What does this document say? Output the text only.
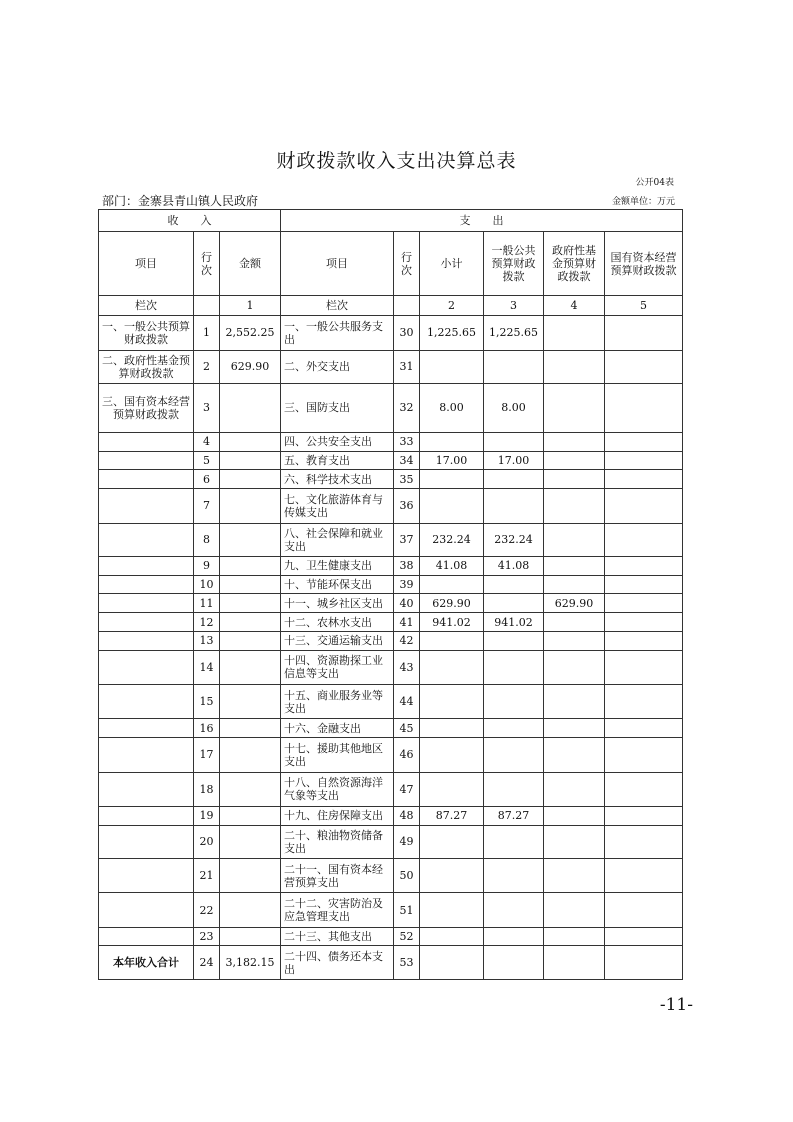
财政拨款收入支出决算总表
公开04表
部门：金寨县青山镇人民政府	金额单位：万元
收　　入			支　　出					
项目	行次	金额	项目	行次	小计	一般公共预算财政拨款	政府性基金预算财政拨款	国有资本经营预算财政拨款
栏次		1	栏次		2	3	4	5
一、一般公共预算财政拨款	1	2,552.25	一、一般公共服务支出	30	1,225.65	1,225.65		
二、政府性基金预算财政拨款	2	629.90	二、外交支出	31				
三、国有资本经营预算财政拨款	3		三、国防支出	32	8.00	8.00		
	4		四、公共安全支出	33				
	5		五、教育支出	34	17.00	17.00		
	6		六、科学技术支出	35				
	7		七、文化旅游体育与传媒支出	36				
	8		八、社会保障和就业支出	37	232.24	232.24		
	9		九、卫生健康支出	38	41.08	41.08		
	10		十、节能环保支出	39				
	11		十一、城乡社区支出	40	629.90		629.90	
	12		十二、农林水支出	41	941.02	941.02		
	13		十三、交通运输支出	42				
	14		十四、资源勘探工业信息等支出	43				
	15		十五、商业服务业等支出	44				
	16		十六、金融支出	45				
	17		十七、援助其他地区支出	46				
	18		十八、自然资源海洋气象等支出	47				
	19		十九、住房保障支出	48	87.27	87.27		
	20		二十、粮油物资储备支出	49				
	21		二十一、国有资本经营预算支出	50				
	22		二十二、灾害防治及应急管理支出	51				
	23		二十三、其他支出	52				
本年收入合计	24	3,182.15	二十四、债务还本支出	53				
-11-
